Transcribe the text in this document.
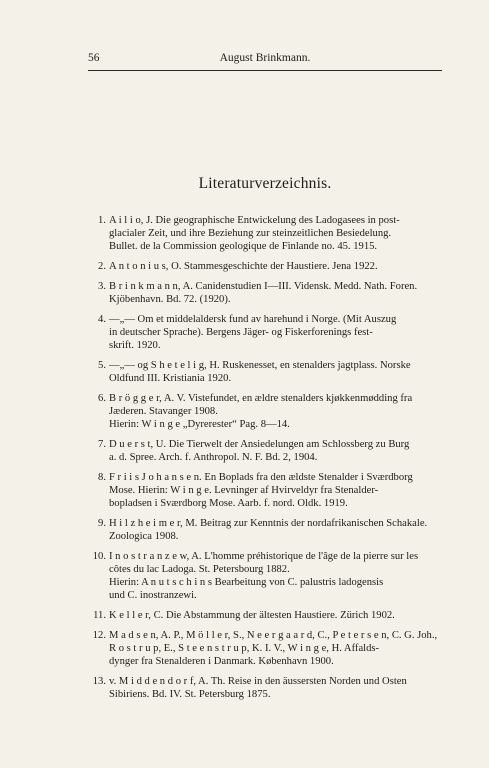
56	August Brinkmann.
Literaturverzeichnis.
1. A i l i o, J. Die geographische Entwickelung des Ladogasees in post-
glacialer Zeit, und ihre Beziehung zur steinzeitlichen Besiedelung.
Bullet. de la Commission geologique de Finlande no. 45. 1915.
2. A n t o n i u s, O. Stammesgeschichte der Haustiere. Jena 1922.
3. B r i n k m a n n, A. Canidenstudien I—III. Vidensk. Medd. Nath. Foren.
Kjöbenhavn. Bd. 72. (1920).
4. —„— Om et middelaldersk fund av harehund i Norge. (Mit Auszug
in deutscher Sprache). Bergens Jäger- og Fiskerforenings fest-
skrift. 1920.
5. —„— og S h e t e l i g, H. Ruskenesset, en stenalders jagtplass. Norske
Oldfund III. Kristiania 1920.
6. B r ö g g e r, A. V. Vistefundet, en ældre stenalders kjøkkenmødding fra
Jæderen. Stavanger 1908.
Hierin: W i n g e „Dyrerester“ Pag. 8—14.
7. D u e r s t, U. Die Tierwelt der Ansiedelungen am Schlossberg zu Burg
a. d. Spree. Arch. f. Anthropol. N. F. Bd. 2, 1904.
8. F r i i s J o h a n s e n. En Boplads fra den ældste Stenalder i Sværdborg
Mose. Hierin: W i n g e. Levninger af Hvirveldyr fra Stenalder-
bopladsen i Sværdborg Mose. Aarb. f. nord. Oldk. 1919.
9. H i l z h e i m e r, M. Beitrag zur Kenntnis der nordafrikanischen Schakale.
Zoologica 1908.
10. I n o s t r a n z e w, A. L'homme préhistorique de l'âge de la pierre sur les
côtes du lac Ladoga. St. Petersbourg 1882.
Hierin: A n u t s c h i n s Bearbeitung von C. palustris ladogensis
und C. inostranzewi.
11. K e l l e r, C. Die Abstammung der ältesten Haustiere. Zürich 1902.
12. M a d s e n, A. P., M ö l l e r, S., N e e r g a a r d, C., P e t e r s e n, C. G. Joh.,
R o s t r u p, E., S t e e n s t r u p, K. I. V., W i n g e, H. Affalds-
dynger fra Stenalderen i Danmark. København 1900.
13. v. M i d d e n d o r f, A. Th. Reise in den äussersten Norden und Osten
Sibiriens. Bd. IV. St. Petersburg 1875.
